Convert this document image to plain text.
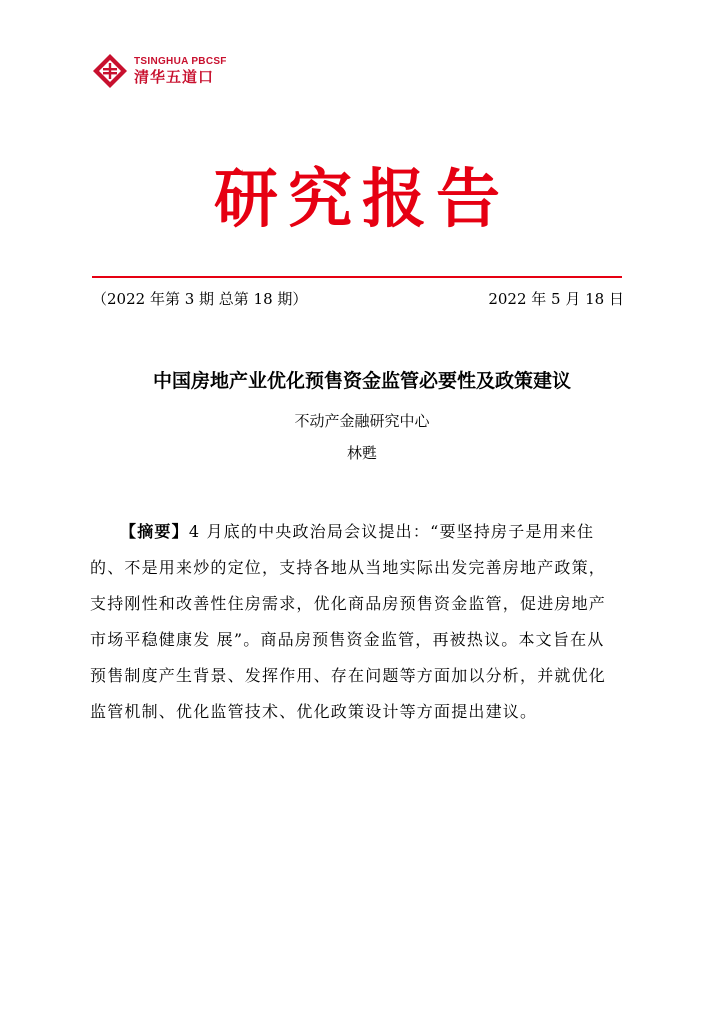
TSINGHUA PBCSF
清华五道口
研究报告
（2022 年第 3 期 总第 18 期）	2022 年 5 月 18 日
中国房地产业优化预售资金监管必要性及政策建议
不动产金融研究中心
林甦
【摘要】4 月底的中央政治局会议提出：“要坚持房子是用来住
的、不是用来炒的定位，支持各地从当地实际出发完善房地产政策，
支持刚性和改善性住房需求，优化商品房预售资金监管，促进房地产
市场平稳健康发 展”。商品房预售资金监管，再被热议。本文旨在从
预售制度产生背景、发挥作用、存在问题等方面加以分析，并就优化
监管机制、优化监管技术、优化政策设计等方面提出建议。
